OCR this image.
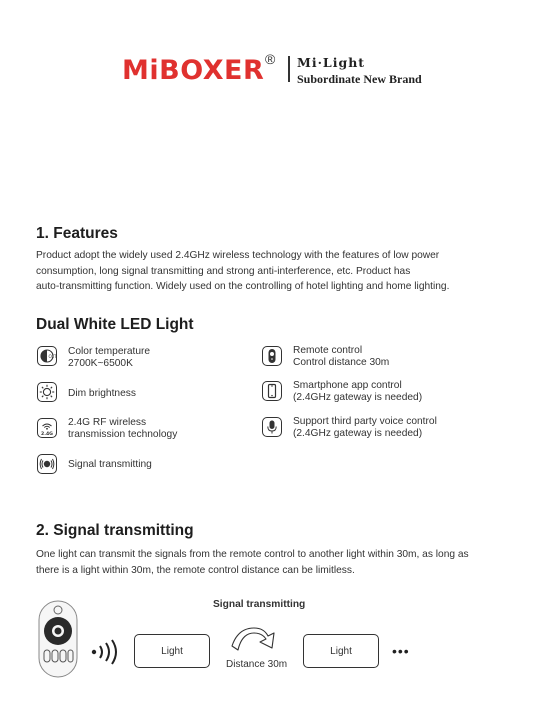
MiBOXER ® Mi·Light
Subordinate New Brand
1. Features
Product adopt the widely used 2.4GHz wireless technology with the features of low power
consumption, long signal transmitting and strong anti-interference, etc. Product has
auto-transmitting function. Widely used on the controlling of hotel lighting and home lighting.
Dual White LED Light
CCT Color temperature
2700K~6500K
Dim brightness
2.4G
2.4G RF wireless
transmission technology
Signal transmitting
Remote control
Control distance 30m
Smartphone app control
(2.4GHz gateway is needed)
Support third party voice control
(2.4GHz gateway is needed)
2. Signal transmitting
One light can transmit the signals from the remote control to another light within 30m, as long as
there is a light within 30m, the remote control distance can be limitless.
Signal transmitting
Light
Distance 30m
Light	•••
